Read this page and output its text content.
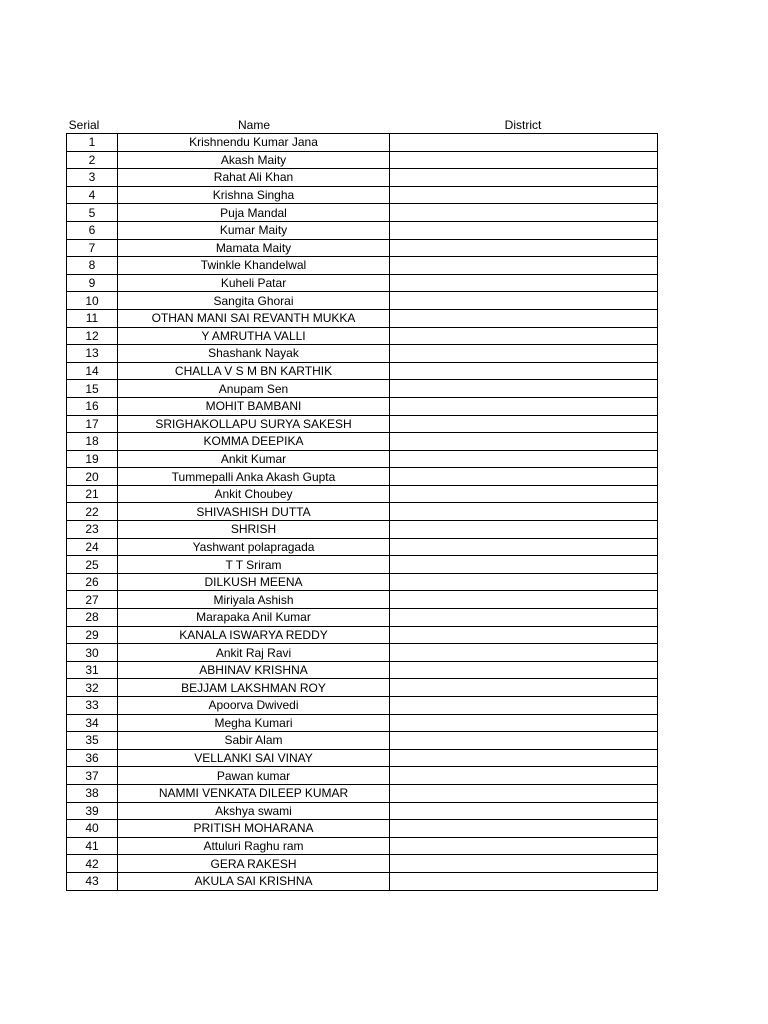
Serial	Name	District
1	Krishnendu Kumar Jana	
2	Akash Maity	
3	Rahat Ali Khan	
4	Krishna Singha	
5	Puja Mandal	
6	Kumar Maity	
7	Mamata Maity	
8	Twinkle Khandelwal	
9	Kuheli Patar	
10	Sangita Ghorai	
11	OTHAN MANI SAI REVANTH MUKKA	
12	Y AMRUTHA VALLI	
13	Shashank Nayak	
14	CHALLA V S M BN KARTHIK	
15	Anupam Sen	
16	MOHIT BAMBANI	
17	SRIGHAKOLLAPU SURYA SAKESH	
18	KOMMA DEEPIKA	
19	Ankit Kumar	
20	Tummepalli Anka Akash Gupta	
21	Ankit Choubey	
22	SHIVASHISH DUTTA	
23	SHRISH	
24	Yashwant polapragada	
25	T T Sriram	
26	DILKUSH MEENA	
27	Miriyala Ashish	
28	Marapaka Anil Kumar	
29	KANALA ISWARYA REDDY	
30	Ankit Raj Ravi	
31	ABHINAV KRISHNA	
32	BEJJAM LAKSHMAN ROY	
33	Apoorva Dwivedi	
34	Megha Kumari	
35	Sabir Alam	
36	VELLANKI SAI VINAY	
37	Pawan kumar	
38	NAMMI VENKATA DILEEP KUMAR	
39	Akshya swami	
40	PRITISH MOHARANA	
41	Attuluri Raghu ram	
42	GERA RAKESH	
43	AKULA SAI KRISHNA	
